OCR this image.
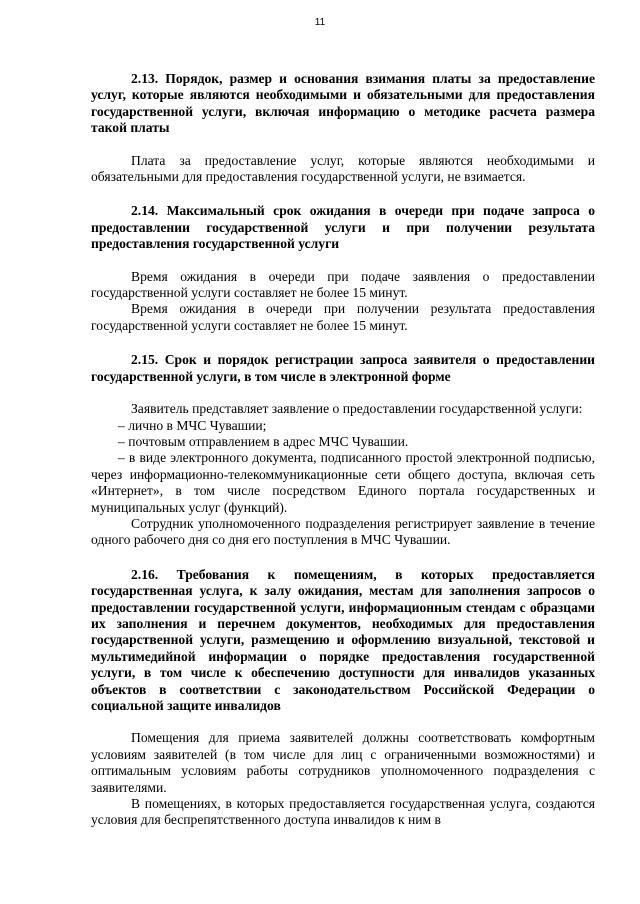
11

2.13. Порядок, размер и основания взимания платы за предоставление услуг, которые являются необходимыми и обязательными для предоставления государственной услуги, включая информацию о методике расчета размера такой платы

Плата за предоставление услуг, которые являются необходимыми и обязательными для предоставления государственной услуги, не взимается.

2.14. Максимальный срок ожидания в очереди при подаче запроса о предоставлении государственной услуги и при получении результата предоставления государственной услуги

Время ожидания в очереди при подаче заявления о предоставлении государственной услуги составляет не более 15 минут.

Время ожидания в очереди при получении результата предоставления государственной услуги составляет не более 15 минут.

2.15. Срок и порядок регистрации запроса заявителя о предоставлении государственной услуги, в том числе в электронной форме

Заявитель представляет заявление о предоставлении государственной услуги:

– лично в МЧС Чувашии;

– почтовым отправлением в адрес МЧС Чувашии.

– в виде электронного документа, подписанного простой электронной подписью, через информационно-телекоммуникационные сети общего доступа, включая сеть «Интернет», в том числе посредством Единого портала государственных и муниципальных услуг (функций).

Сотрудник уполномоченного подразделения регистрирует заявление в течение одного рабочего дня со дня его поступления в МЧС Чувашии.

2.16. Требования к помещениям, в которых предоставляется государственная услуга, к залу ожидания, местам для заполнения запросов о предоставлении государственной услуги, информационным стендам с образцами их заполнения и перечнем документов, необходимых для предоставления государственной услуги, размещению и оформлению визуальной, текстовой и мультимедийной информации о порядке предоставления государственной услуги, в том числе к обеспечению доступности для инвалидов указанных объектов в соответствии с законодательством Российской Федерации о социальной защите инвалидов

Помещения для приема заявителей должны соответствовать комфортным условиям заявителей (в том числе для лиц с ограниченными возможностями) и оптимальным условиям работы сотрудников уполномоченного подразделения с заявителями.

В помещениях, в которых предоставляется государственная услуга, создаются условия для беспрепятственного доступа инвалидов к ним в
